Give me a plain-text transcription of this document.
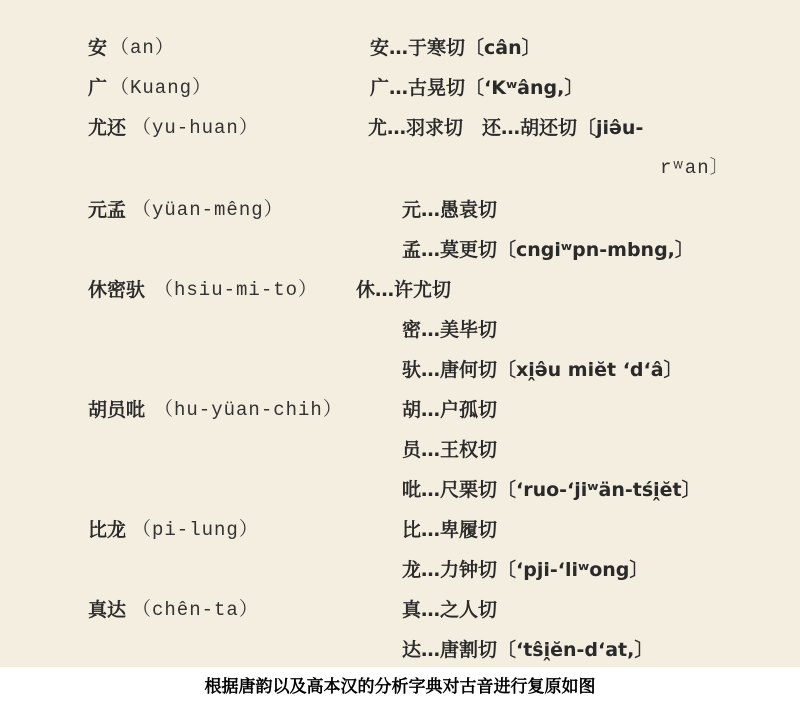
安 （an）	安…于寒切〔cân〕
广 （Kuang）	广…古晃切〔‘Kʷâng,〕
尤还 （yu-huan）	尤…羽求切　还…胡还切〔jiə̂u-
rʷan〕
元孟 （yüan-mêng）	元…愚袁切
孟…莫更切〔cngiʷpn-mbng,〕
休密驮 （hsiu-mi-to） 休…许尤切
密…美毕切
驮…唐何切〔xi̭ə̂u miĕt ‘d‘â〕
胡员吡 （hu-yüan-chih）	胡…户孤切
员…王权切
吡…尺栗切〔‘ruo-‘jiʷän-tśi̭ĕt〕
比龙 （pi-lung）	比…卑履切
龙…力钟切〔‘pji-‘liʷong〕
真达 （chên-ta）	真…之人切
达…唐割切〔‘tŝi̭ĕn-d‘at,〕
根据唐韵以及高本汉的分析字典对古音进行复原如图
